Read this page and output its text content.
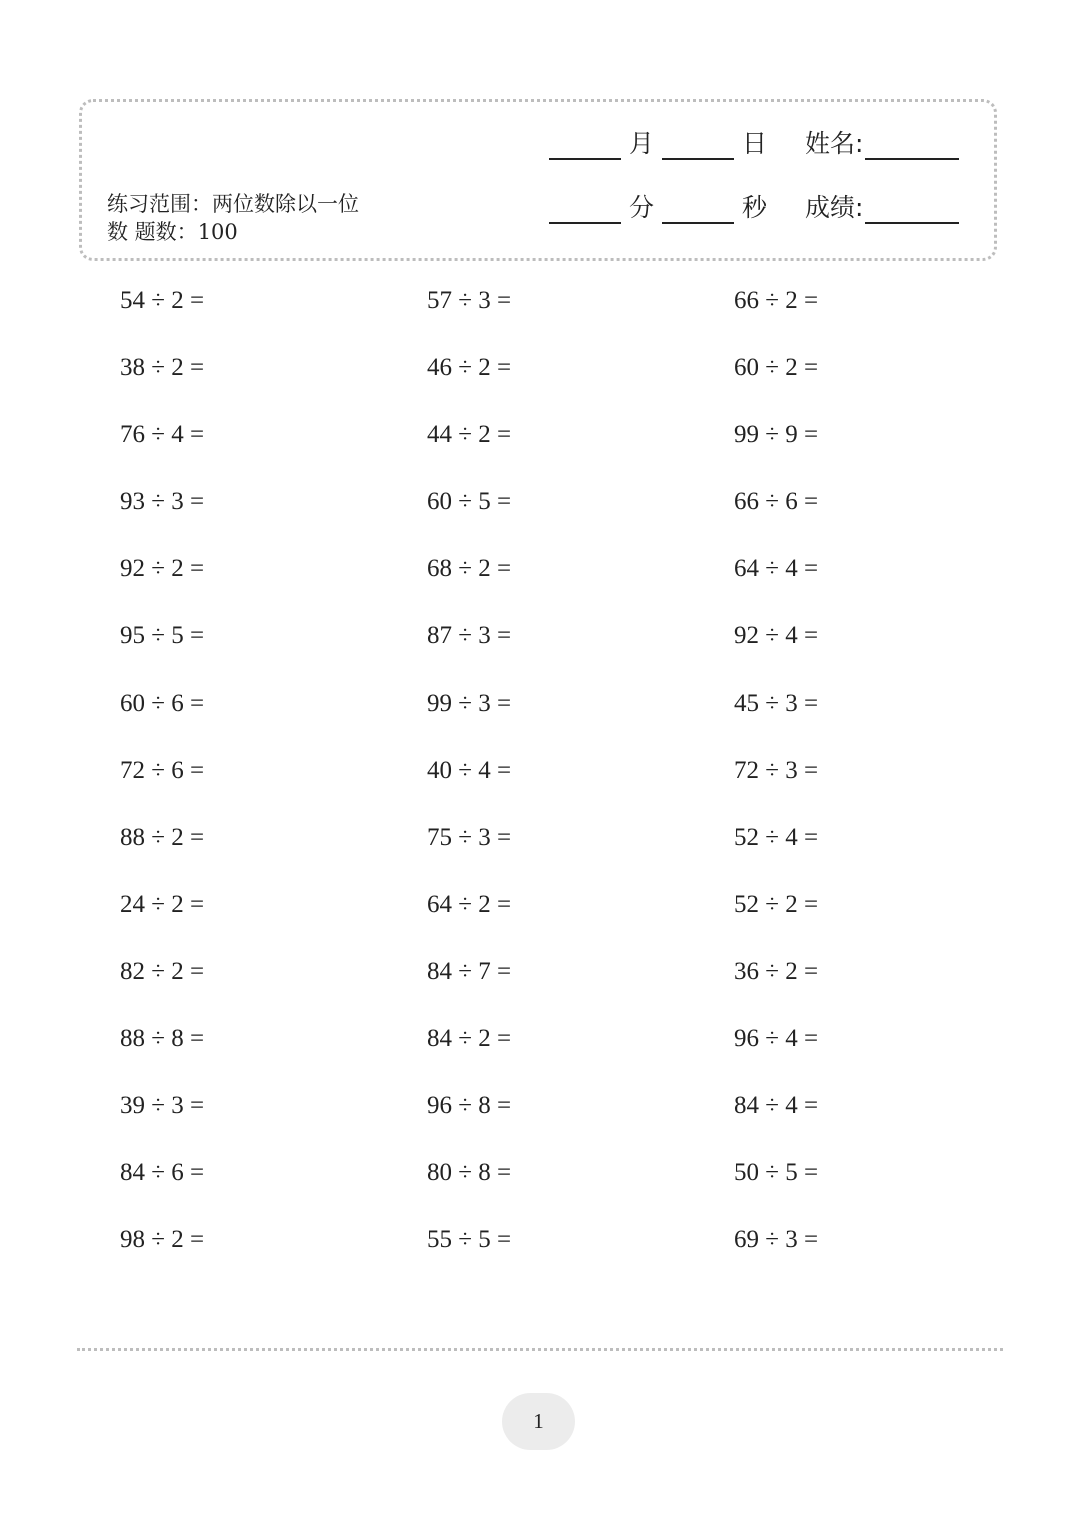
练习范围：两位数除以一位
数 题数：100
月	日	姓名:
分	秒	成绩:
54 ÷ 2 =	57 ÷ 3 =	66 ÷ 2 =
38 ÷ 2 =	46 ÷ 2 =	60 ÷ 2 =
76 ÷ 4 =	44 ÷ 2 =	99 ÷ 9 =
93 ÷ 3 =	60 ÷ 5 =	66 ÷ 6 =
92 ÷ 2 =	68 ÷ 2 =	64 ÷ 4 =
95 ÷ 5 =	87 ÷ 3 =	92 ÷ 4 =
60 ÷ 6 =	99 ÷ 3 =	45 ÷ 3 =
72 ÷ 6 =	40 ÷ 4 =	72 ÷ 3 =
88 ÷ 2 =	75 ÷ 3 =	52 ÷ 4 =
24 ÷ 2 =	64 ÷ 2 =	52 ÷ 2 =
82 ÷ 2 =	84 ÷ 7 =	36 ÷ 2 =
88 ÷ 8 =	84 ÷ 2 =	96 ÷ 4 =
39 ÷ 3 =	96 ÷ 8 =	84 ÷ 4 =
84 ÷ 6 =	80 ÷ 8 =	50 ÷ 5 =
98 ÷ 2 =	55 ÷ 5 =	69 ÷ 3 =
1
